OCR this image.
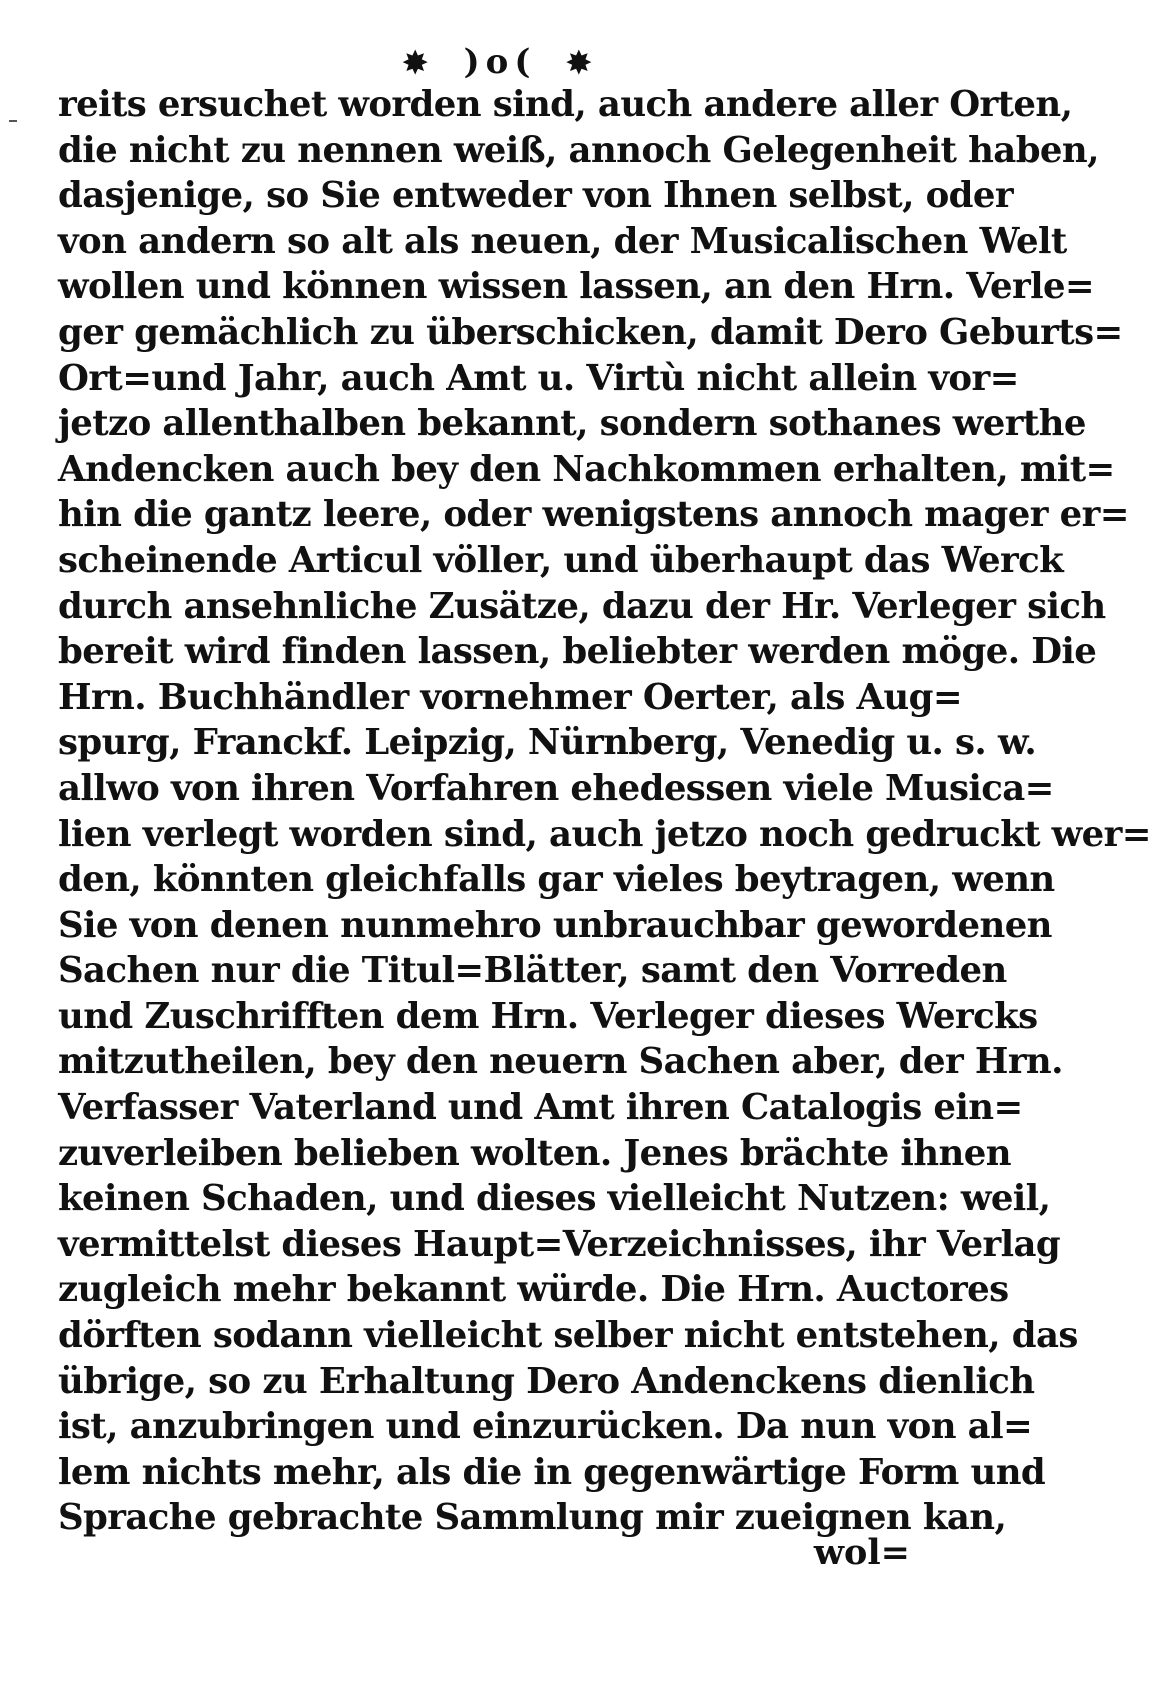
✸ )o( ✸
reits ersuchet worden sind, auch andere aller Orten,
die nicht zu nennen weiß, annoch Gelegenheit haben,
dasjenige, so Sie entweder von Ihnen selbst, oder
von andern so alt als neuen, der Musicalischen Welt
wollen und können wissen lassen, an den Hrn. Verle=
ger gemächlich zu überschicken, damit Dero Geburts=
Ort=und Jahr, auch Amt u. Virtù nicht allein vor=
jetzo allenthalben bekannt, sondern sothanes werthe
Andencken auch bey den Nachkommen erhalten, mit=
hin die gantz leere, oder wenigstens annoch mager er=
scheinende Articul völler, und überhaupt das Werck
durch ansehnliche Zusätze, dazu der Hr. Verleger sich
bereit wird finden lassen, beliebter werden möge. Die
Hrn. Buchhändler vornehmer Oerter, als Aug=
spurg, Franckf. Leipzig, Nürnberg, Venedig u. s. w.
allwo von ihren Vorfahren ehedessen viele Musica=
lien verlegt worden sind, auch jetzo noch gedruckt wer=
den, könnten gleichfalls gar vieles beytragen, wenn
Sie von denen nunmehro unbrauchbar gewordenen
Sachen nur die Titul=Blätter, samt den Vorreden
und Zuschrifften dem Hrn. Verleger dieses Wercks
mitzutheilen, bey den neuern Sachen aber, der Hrn.
Verfasser Vaterland und Amt ihren Catalogis ein=
zuverleiben belieben wolten. Jenes brächte ihnen
keinen Schaden, und dieses vielleicht Nutzen: weil,
vermittelst dieses Haupt=Verzeichnisses, ihr Verlag
zugleich mehr bekannt würde. Die Hrn. Auctores
dörften sodann vielleicht selber nicht entstehen, das
übrige, so zu Erhaltung Dero Andenckens dienlich
ist, anzubringen und einzurücken. Da nun von al=
lem nichts mehr, als die in gegenwärtige Form und
Sprache gebrachte Sammlung mir zueignen kan,
wol=
